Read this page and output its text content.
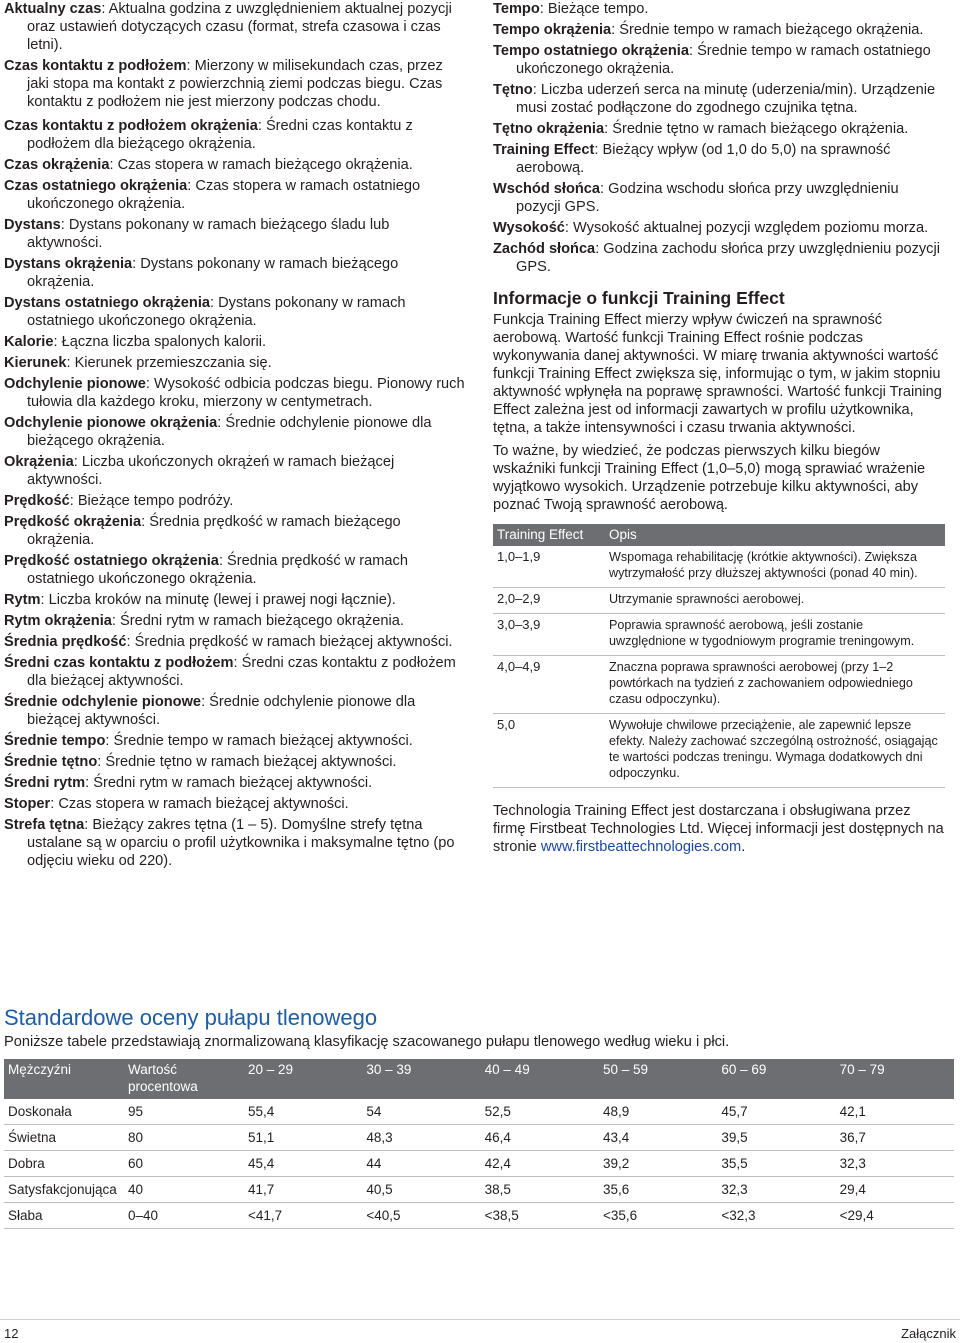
Aktualny czas: Aktualna godzina z uwzględnieniem aktualnej pozycji oraz ustawień dotyczących czasu (format, strefa czasowa i czas letni).
Czas kontaktu z podłożem: Mierzony w milisekundach czas, przez jaki stopa ma kontakt z powierzchnią ziemi podczas biegu. Czas kontaktu z podłożem nie jest mierzony podczas chodu.
Czas kontaktu z podłożem okrążenia: Średni czas kontaktu z podłożem dla bieżącego okrążenia.
Czas okrążenia: Czas stopera w ramach bieżącego okrążenia.
Czas ostatniego okrążenia: Czas stopera w ramach ostatniego ukończonego okrążenia.
Dystans: Dystans pokonany w ramach bieżącego śladu lub aktywności.
Dystans okrążenia: Dystans pokonany w ramach bieżącego okrążenia.
Dystans ostatniego okrążenia: Dystans pokonany w ramach ostatniego ukończonego okrążenia.
Kalorie: Łączna liczba spalonych kalorii.
Kierunek: Kierunek przemieszczania się.
Odchylenie pionowe: Wysokość odbicia podczas biegu. Pionowy ruch tułowia dla każdego kroku, mierzony w centymetrach.
Odchylenie pionowe okrążenia: Średnie odchylenie pionowe dla bieżącego okrążenia.
Okrążenia: Liczba ukończonych okrążeń w ramach bieżącej aktywności.
Prędkość: Bieżące tempo podróży.
Prędkość okrążenia: Średnia prędkość w ramach bieżącego okrążenia.
Prędkość ostatniego okrążenia: Średnia prędkość w ramach ostatniego ukończonego okrążenia.
Rytm: Liczba kroków na minutę (lewej i prawej nogi łącznie).
Rytm okrążenia: Średni rytm w ramach bieżącego okrążenia.
Średnia prędkość: Średnia prędkość w ramach bieżącej aktywności.
Średni czas kontaktu z podłożem: Średni czas kontaktu z podłożem dla bieżącej aktywności.
Średnie odchylenie pionowe: Średnie odchylenie pionowe dla bieżącej aktywności.
Średnie tempo: Średnie tempo w ramach bieżącej aktywności.
Średnie tętno: Średnie tętno w ramach bieżącej aktywności.
Średni rytm: Średni rytm w ramach bieżącej aktywności.
Stoper: Czas stopera w ramach bieżącej aktywności.
Strefa tętna: Bieżący zakres tętna (1 – 5). Domyślne strefy tętna ustalane są w oparciu o profil użytkownika i maksymalne tętno (po odjęciu wieku od 220).
Tempo: Bieżące tempo.
Tempo okrążenia: Średnie tempo w ramach bieżącego okrążenia.
Tempo ostatniego okrążenia: Średnie tempo w ramach ostatniego ukończonego okrążenia.
Tętno: Liczba uderzeń serca na minutę (uderzenia/min). Urządzenie musi zostać podłączone do zgodnego czujnika tętna.
Tętno okrążenia: Średnie tętno w ramach bieżącego okrążenia.
Training Effect: Bieżący wpływ (od 1,0 do 5,0) na sprawność aerobową.
Wschód słońca: Godzina wschodu słońca przy uwzględnieniu pozycji GPS.
Wysokość: Wysokość aktualnej pozycji względem poziomu morza.
Zachód słońca: Godzina zachodu słońca przy uwzględnieniu pozycji GPS.
Informacje o funkcji Training Effect
Funkcja Training Effect mierzy wpływ ćwiczeń na sprawność aerobową. Wartość funkcji Training Effect rośnie podczas wykonywania danej aktywności. W miarę trwania aktywności wartość funkcji Training Effect zwiększa się, informując o tym, w jakim stopniu aktywność wpłynęła na poprawę sprawności. Wartość funkcji Training Effect zależna jest od informacji zawartych w profilu użytkownika, tętna, a także intensywności i czasu trwania aktywności.
To ważne, by wiedzieć, że podczas pierwszych kilku biegów wskaźniki funkcji Training Effect (1,0–5,0) mogą sprawiać wrażenie wyjątkowo wysokich. Urządzenie potrzebuje kilku aktywności, aby poznać Twoją sprawność aerobową.
Training Effect	Opis
1,0–1,9	Wspomaga rehabilitację (krótkie aktywności). Zwiększa wytrzymałość przy dłuższej aktywności (ponad 40 min).
2,0–2,9	Utrzymanie sprawności aerobowej.
3,0–3,9	Poprawia sprawność aerobową, jeśli zostanie uwzględnione w tygodniowym programie treningowym.
4,0–4,9	Znaczna poprawa sprawności aerobowej (przy 1–2 powtórkach na tydzień z zachowaniem odpowiedniego czasu odpoczynku).
5,0	Wywołuje chwilowe przeciążenie, ale zapewnić lepsze efekty. Należy zachować szczególną ostrożność, osiągając te wartości podczas treningu. Wymaga dodatkowych dni odpoczynku.
Technologia Training Effect jest dostarczana i obsługiwana przez firmę Firstbeat Technologies Ltd. Więcej informacji jest dostępnych na stronie www.firstbeattechnologies.com.
Standardowe oceny pułapu tlenowego
Poniższe tabele przedstawiają znormalizowaną klasyfikację szacowanego pułapu tlenowego według wieku i płci.
Mężczyźni	Wartość procentowa	20 – 29	30 – 39	40 – 49	50 – 59	60 – 69	70 – 79
Doskonała	95	55,4	54	52,5	48,9	45,7	42,1
Świetna	80	51,1	48,3	46,4	43,4	39,5	36,7
Dobra	60	45,4	44	42,4	39,2	35,5	32,3
Satysfakcjonująca	40	41,7	40,5	38,5	35,6	32,3	29,4
Słaba	0–40	<41,7	<40,5	<38,5	<35,6	<32,3	<29,4
12	Załącznik
